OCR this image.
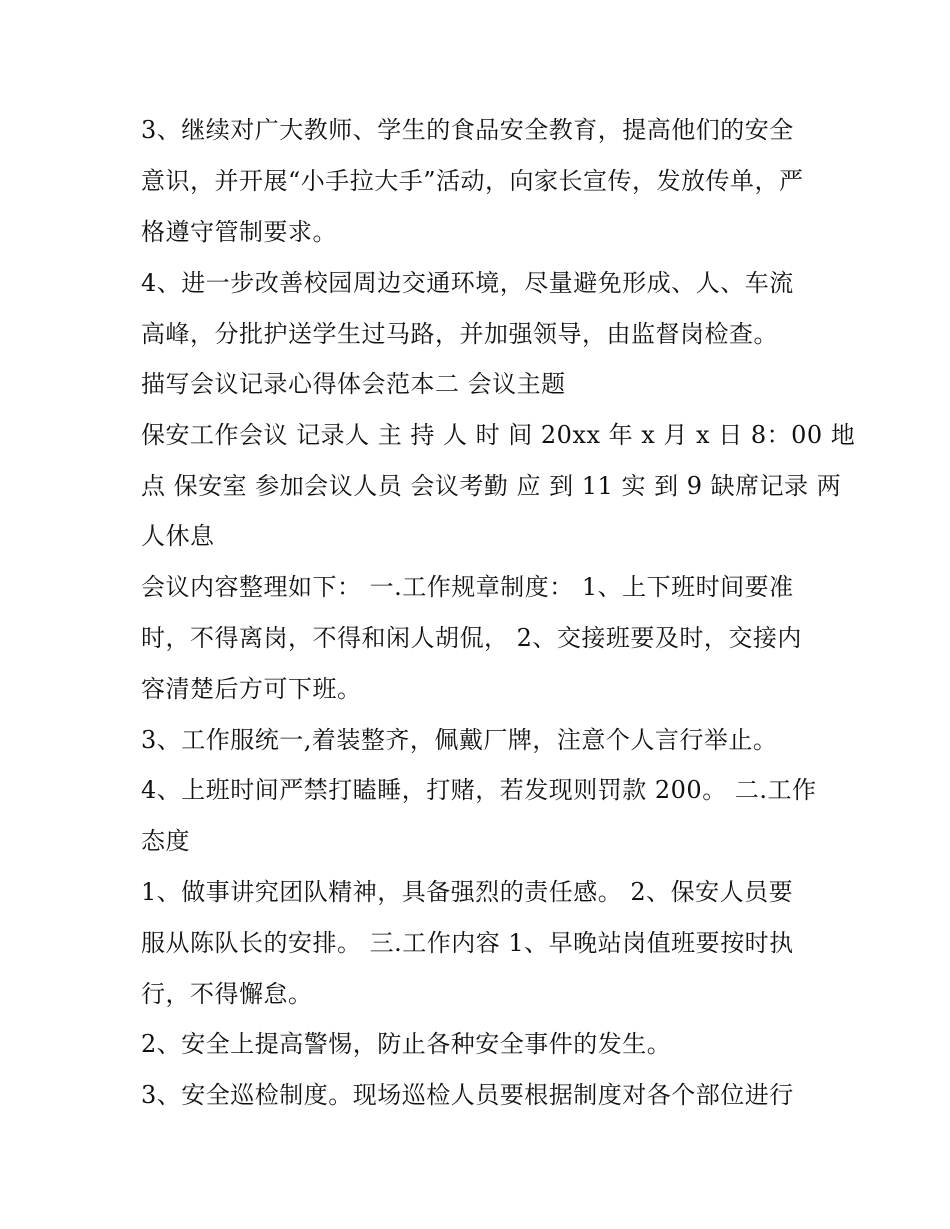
3、继续对广大教师、学生的食品安全教育，提高他们的安全
意识，并开展“小手拉大手”活动，向家长宣传，发放传单，严
格遵守管制要求。
4、进一步改善校园周边交通环境，尽量避免形成、人、车流
高峰，分批护送学生过马路，并加强领导，由监督岗检查。
描写会议记录心得体会范本二 会议主题
保安工作会议 记录人 主 持 人 时 间 20xx 年 x 月 x 日 8：00 地
点 保安室 参加会议人员 会议考勤 应 到 11 实 到 9 缺席记录 两
人休息
会议内容整理如下： 一.工作规章制度： 1、上下班时间要准
时，不得离岗，不得和闲人胡侃， 2、交接班要及时，交接内
容清楚后方可下班。
3、工作服统一,着装整齐，佩戴厂牌，注意个人言行举止。
4、上班时间严禁打瞌睡，打赌，若发现则罚款 200。 二.工作
态度
1、做事讲究团队精神，具备强烈的责任感。 2、保安人员要
服从陈队长的安排。 三.工作内容 1、早晚站岗值班要按时执
行，不得懈怠。
2、安全上提高警惕，防止各种安全事件的发生。
3、安全巡检制度。现场巡检人员要根据制度对各个部位进行
